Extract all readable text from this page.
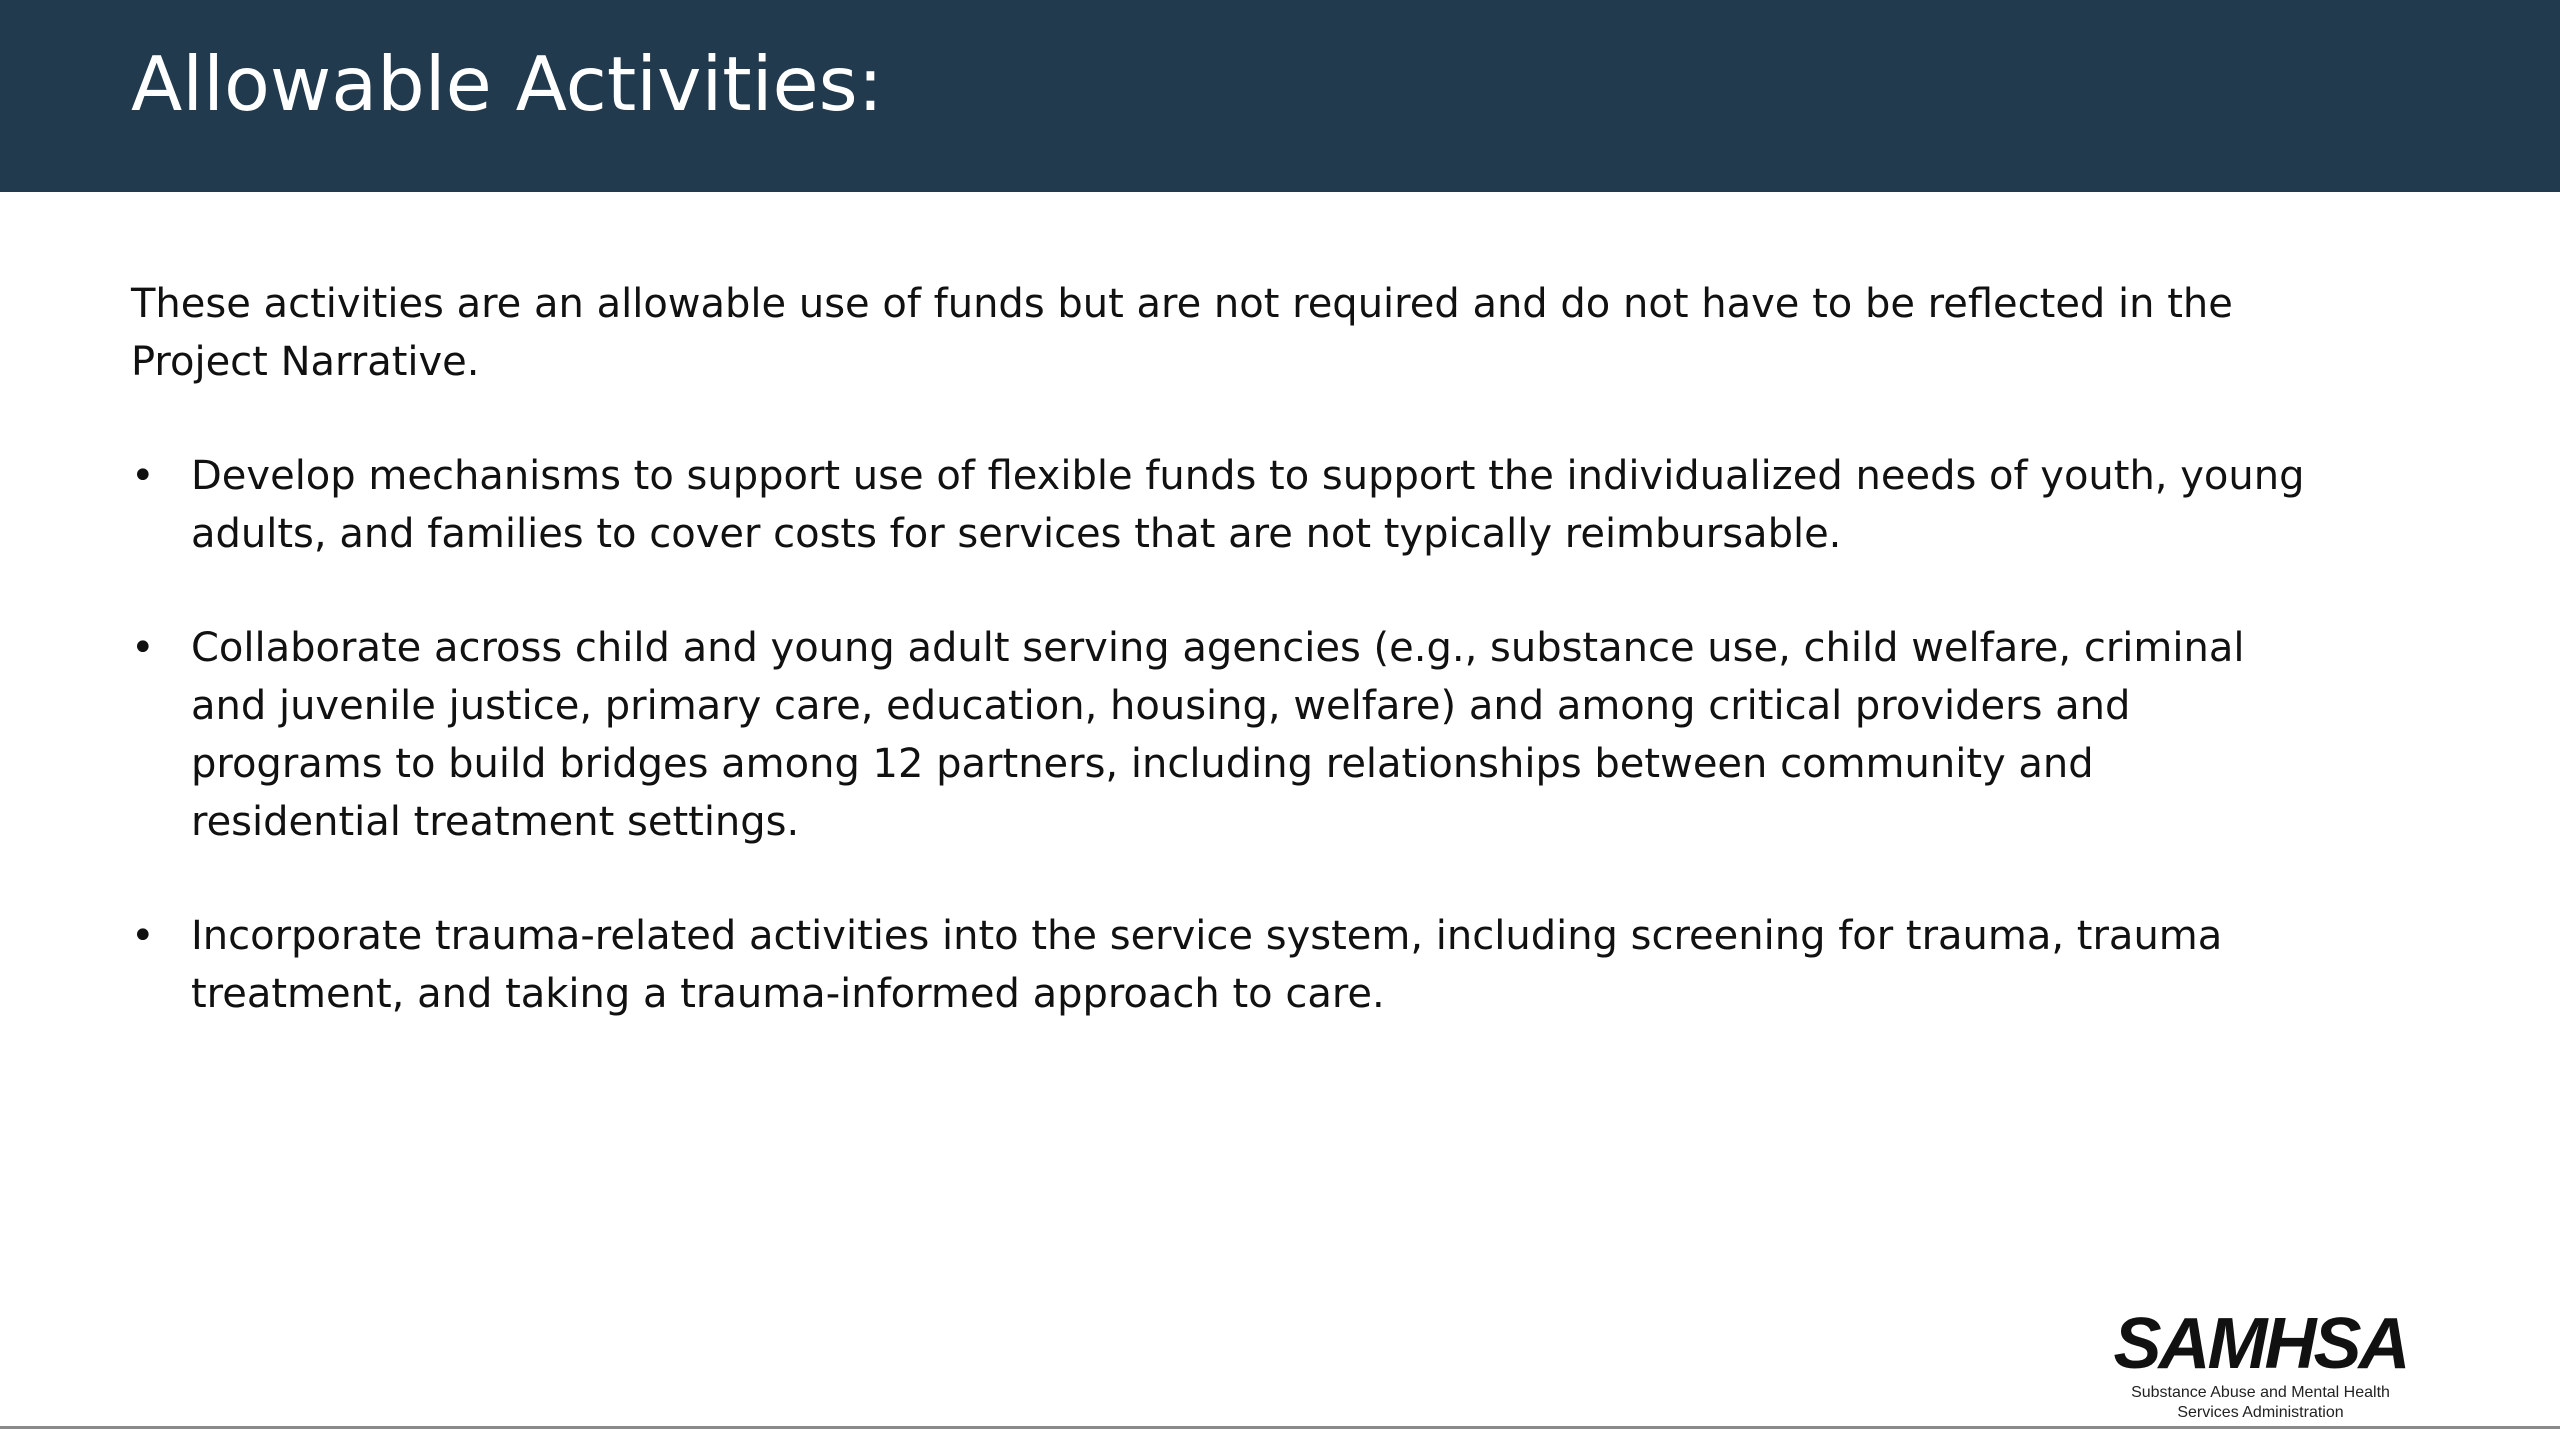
Allowable Activities:

These activities are an allowable use of funds but are not required and do not have to be reflected in the Project Narrative.

• Develop mechanisms to support use of flexible funds to support the individualized needs of youth, young adults, and families to cover costs for services that are not typically reimbursable.
• Collaborate across child and young adult serving agencies (e.g., substance use, child welfare, criminal and juvenile justice, primary care, education, housing, welfare) and among critical providers and programs to build bridges among 12 partners, including relationships between community and residential treatment settings.
• Incorporate trauma-related activities into the service system, including screening for trauma, trauma treatment, and taking a trauma-informed approach to care.
SAMHSA
Substance Abuse and Mental Health
Services Administration
